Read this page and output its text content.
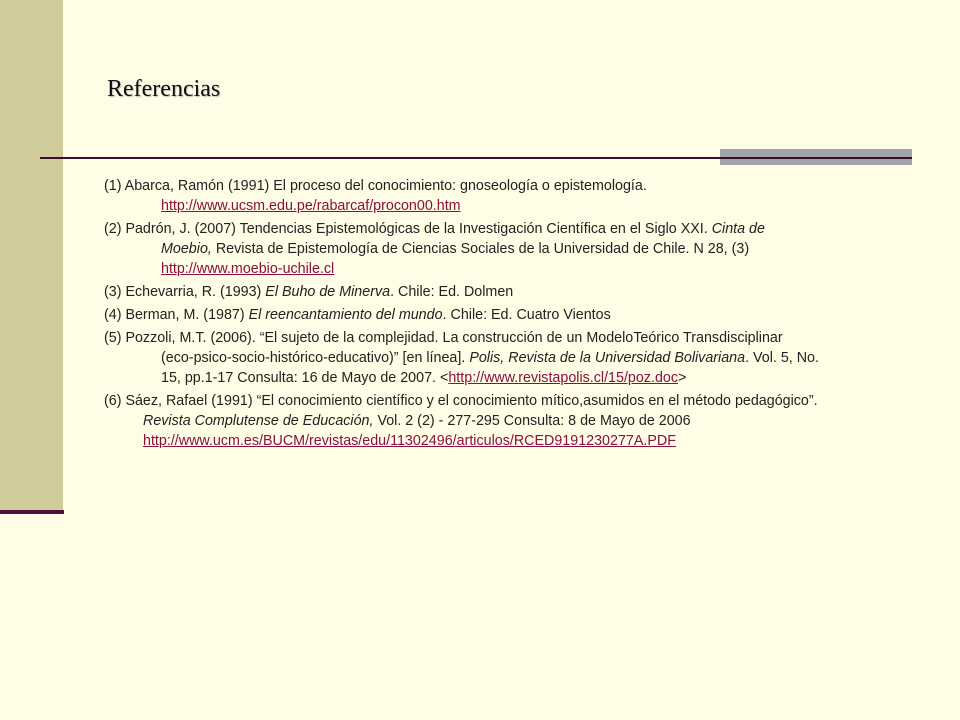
Referencias

(1) Abarca, Ramón (1991) El proceso del conocimiento: gnoseología o epistemología.
http://www.ucsm.edu.pe/rabarcaf/procon00.htm

(2) Padrón, J. (2007) Tendencias Epistemológicas de la Investigación Científica en el Siglo XXI. Cinta de
Moebio, Revista de Epistemología de Ciencias Sociales de la Universidad de Chile. N 28, (3)
http://www.moebio-uchile.cl

(3) Echevarria, R. (1993) El Buho de Minerva. Chile: Ed. Dolmen

(4) Berman, M. (1987) El reencantamiento del mundo. Chile: Ed. Cuatro Vientos

(5) Pozzoli, M.T. (2006). “El sujeto de la complejidad. La construcción de un ModeloTeórico Transdisciplinar
(eco-psico-socio-histórico-educativo)” [en línea]. Polis, Revista de la Universidad Bolivariana. Vol. 5, No.
15, pp.1-17 Consulta: 16 de Mayo de 2007. <http://www.revistapolis.cl/15/poz.doc>

(6) Sáez, Rafael (1991) “El conocimiento científico y el conocimiento mítico,asumidos en el método pedagógico”.
Revista Complutense de Educación, Vol. 2 (2) - 277-295 Consulta: 8 de Mayo de 2006
http://www.ucm.es/BUCM/revistas/edu/11302496/articulos/RCED9191230277A.PDF
